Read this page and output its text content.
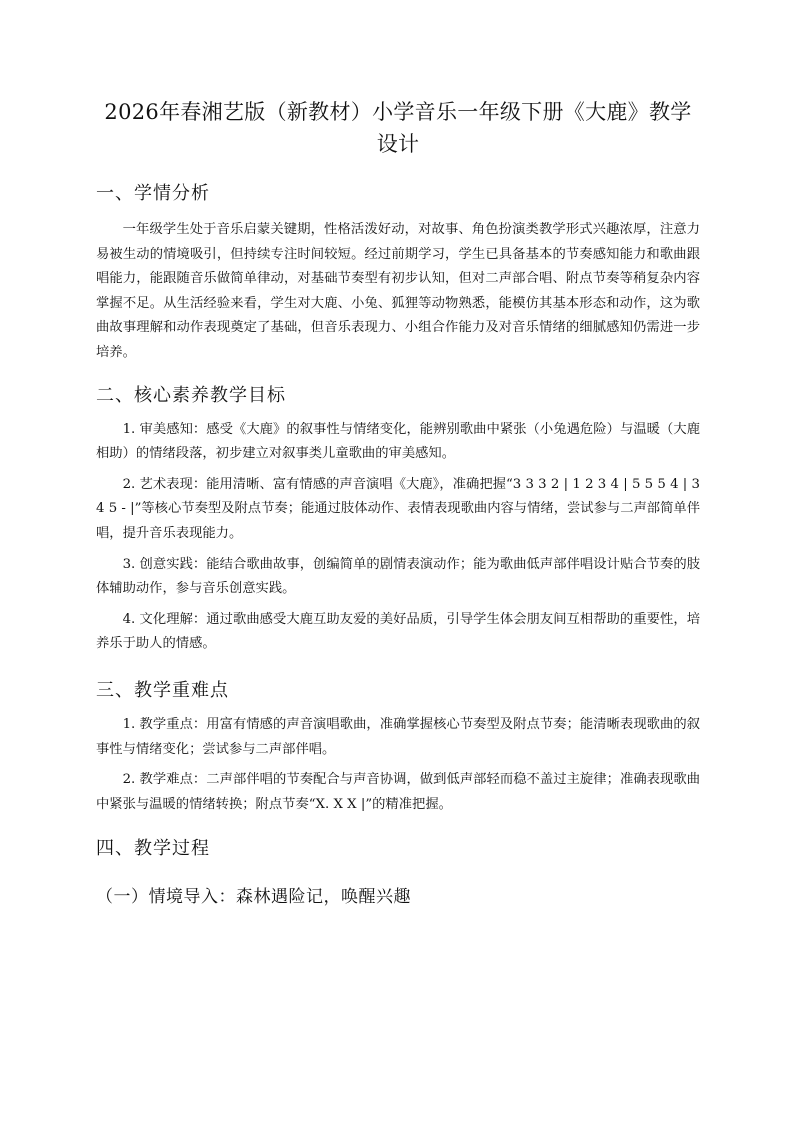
2026年春湘艺版（新教材）小学音乐一年级下册《大鹿》教学设计
一、学情分析

一年级学生处于音乐启蒙关键期，性格活泼好动，对故事、角色扮演类教学形式兴趣浓厚，注意力易被生动的情境吸引，但持续专注时间较短。经过前期学习，学生已具备基本的节奏感知能力和歌曲跟唱能力，能跟随音乐做简单律动，对基础节奏型有初步认知，但对二声部合唱、附点节奏等稍复杂内容掌握不足。从生活经验来看，学生对大鹿、小兔、狐狸等动物熟悉，能模仿其基本形态和动作，这为歌曲故事理解和动作表现奠定了基础，但音乐表现力、小组合作能力及对音乐情绪的细腻感知仍需进一步培养。

二、核心素养教学目标

1. 审美感知：感受《大鹿》的叙事性与情绪变化，能辨别歌曲中紧张（小兔遇危险）与温暖（大鹿相助）的情绪段落，初步建立对叙事类儿童歌曲的审美感知。

2. 艺术表现：能用清晰、富有情感的声音演唱《大鹿》，准确把握“3 3 3 2 | 1 2 3 4 | 5 5 5 4 | 3 4 5 - |”等核心节奏型及附点节奏；能通过肢体动作、表情表现歌曲内容与情绪，尝试参与二声部简单伴唱，提升音乐表现能力。

3. 创意实践：能结合歌曲故事，创编简单的剧情表演动作；能为歌曲低声部伴唱设计贴合节奏的肢体辅助动作，参与音乐创意实践。

4. 文化理解：通过歌曲感受大鹿互助友爱的美好品质，引导学生体会朋友间互相帮助的重要性，培养乐于助人的情感。

三、教学重难点

1. 教学重点：用富有情感的声音演唱歌曲，准确掌握核心节奏型及附点节奏；能清晰表现歌曲的叙事性与情绪变化；尝试参与二声部伴唱。

2. 教学难点：二声部伴唱的节奏配合与声音协调，做到低声部轻而稳不盖过主旋律；准确表现歌曲中紧张与温暖的情绪转换；附点节奏“X. X X |”的精准把握。

四、教学过程
（一）情境导入：森林遇险记，唤醒兴趣
